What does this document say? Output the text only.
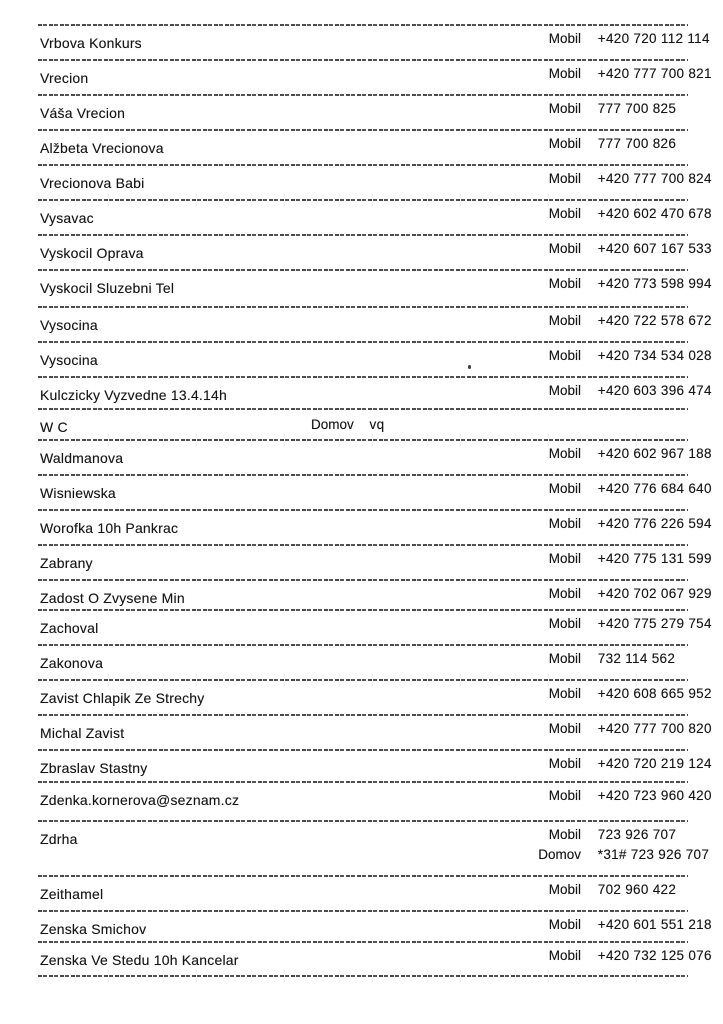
Vrbova Konkurs	Mobil +420 720 112 114
Vrecion	Mobil +420 777 700 821
Váša Vrecion	Mobil 777 700 825
Alžbeta Vrecionova	Mobil 777 700 826
Vrecionova Babi	Mobil +420 777 700 824
Vysavac	Mobil +420 602 470 678
Vyskocil Oprava	Mobil +420 607 167 533
Vyskocil Sluzebni Tel	Mobil +420 773 598 994
Vysocina	Mobil +420 722 578 672
Vysocina	Mobil +420 734 534 028
Kulczicky Vyzvedne 13.4.14h	Mobil +420 603 396 474
W C	Domov vq
Waldmanova	Mobil +420 602 967 188
Wisniewska	Mobil +420 776 684 640
Worofka 10h Pankrac	Mobil +420 776 226 594
Zabrany	Mobil +420 775 131 599
Zadost O Zvysene Min	Mobil +420 702 067 929
Zachoval	Mobil +420 775 279 754
Zakonova	Mobil 732 114 562
Zavist Chlapik Ze Strechy	Mobil +420 608 665 952
Michal Zavist	Mobil +420 777 700 820
Zbraslav Stastny	Mobil +420 720 219 124
Zdenka.kornerova@seznam.cz	Mobil +420 723 960 420
Zdrha	Mobil 723 926 707
Domov *31# 723 926 707
Zeithamel	Mobil 702 960 422
Zenska Smichov	Mobil +420 601 551 218
Zenska Ve Stedu 10h Kancelar	Mobil +420 732 125 076
